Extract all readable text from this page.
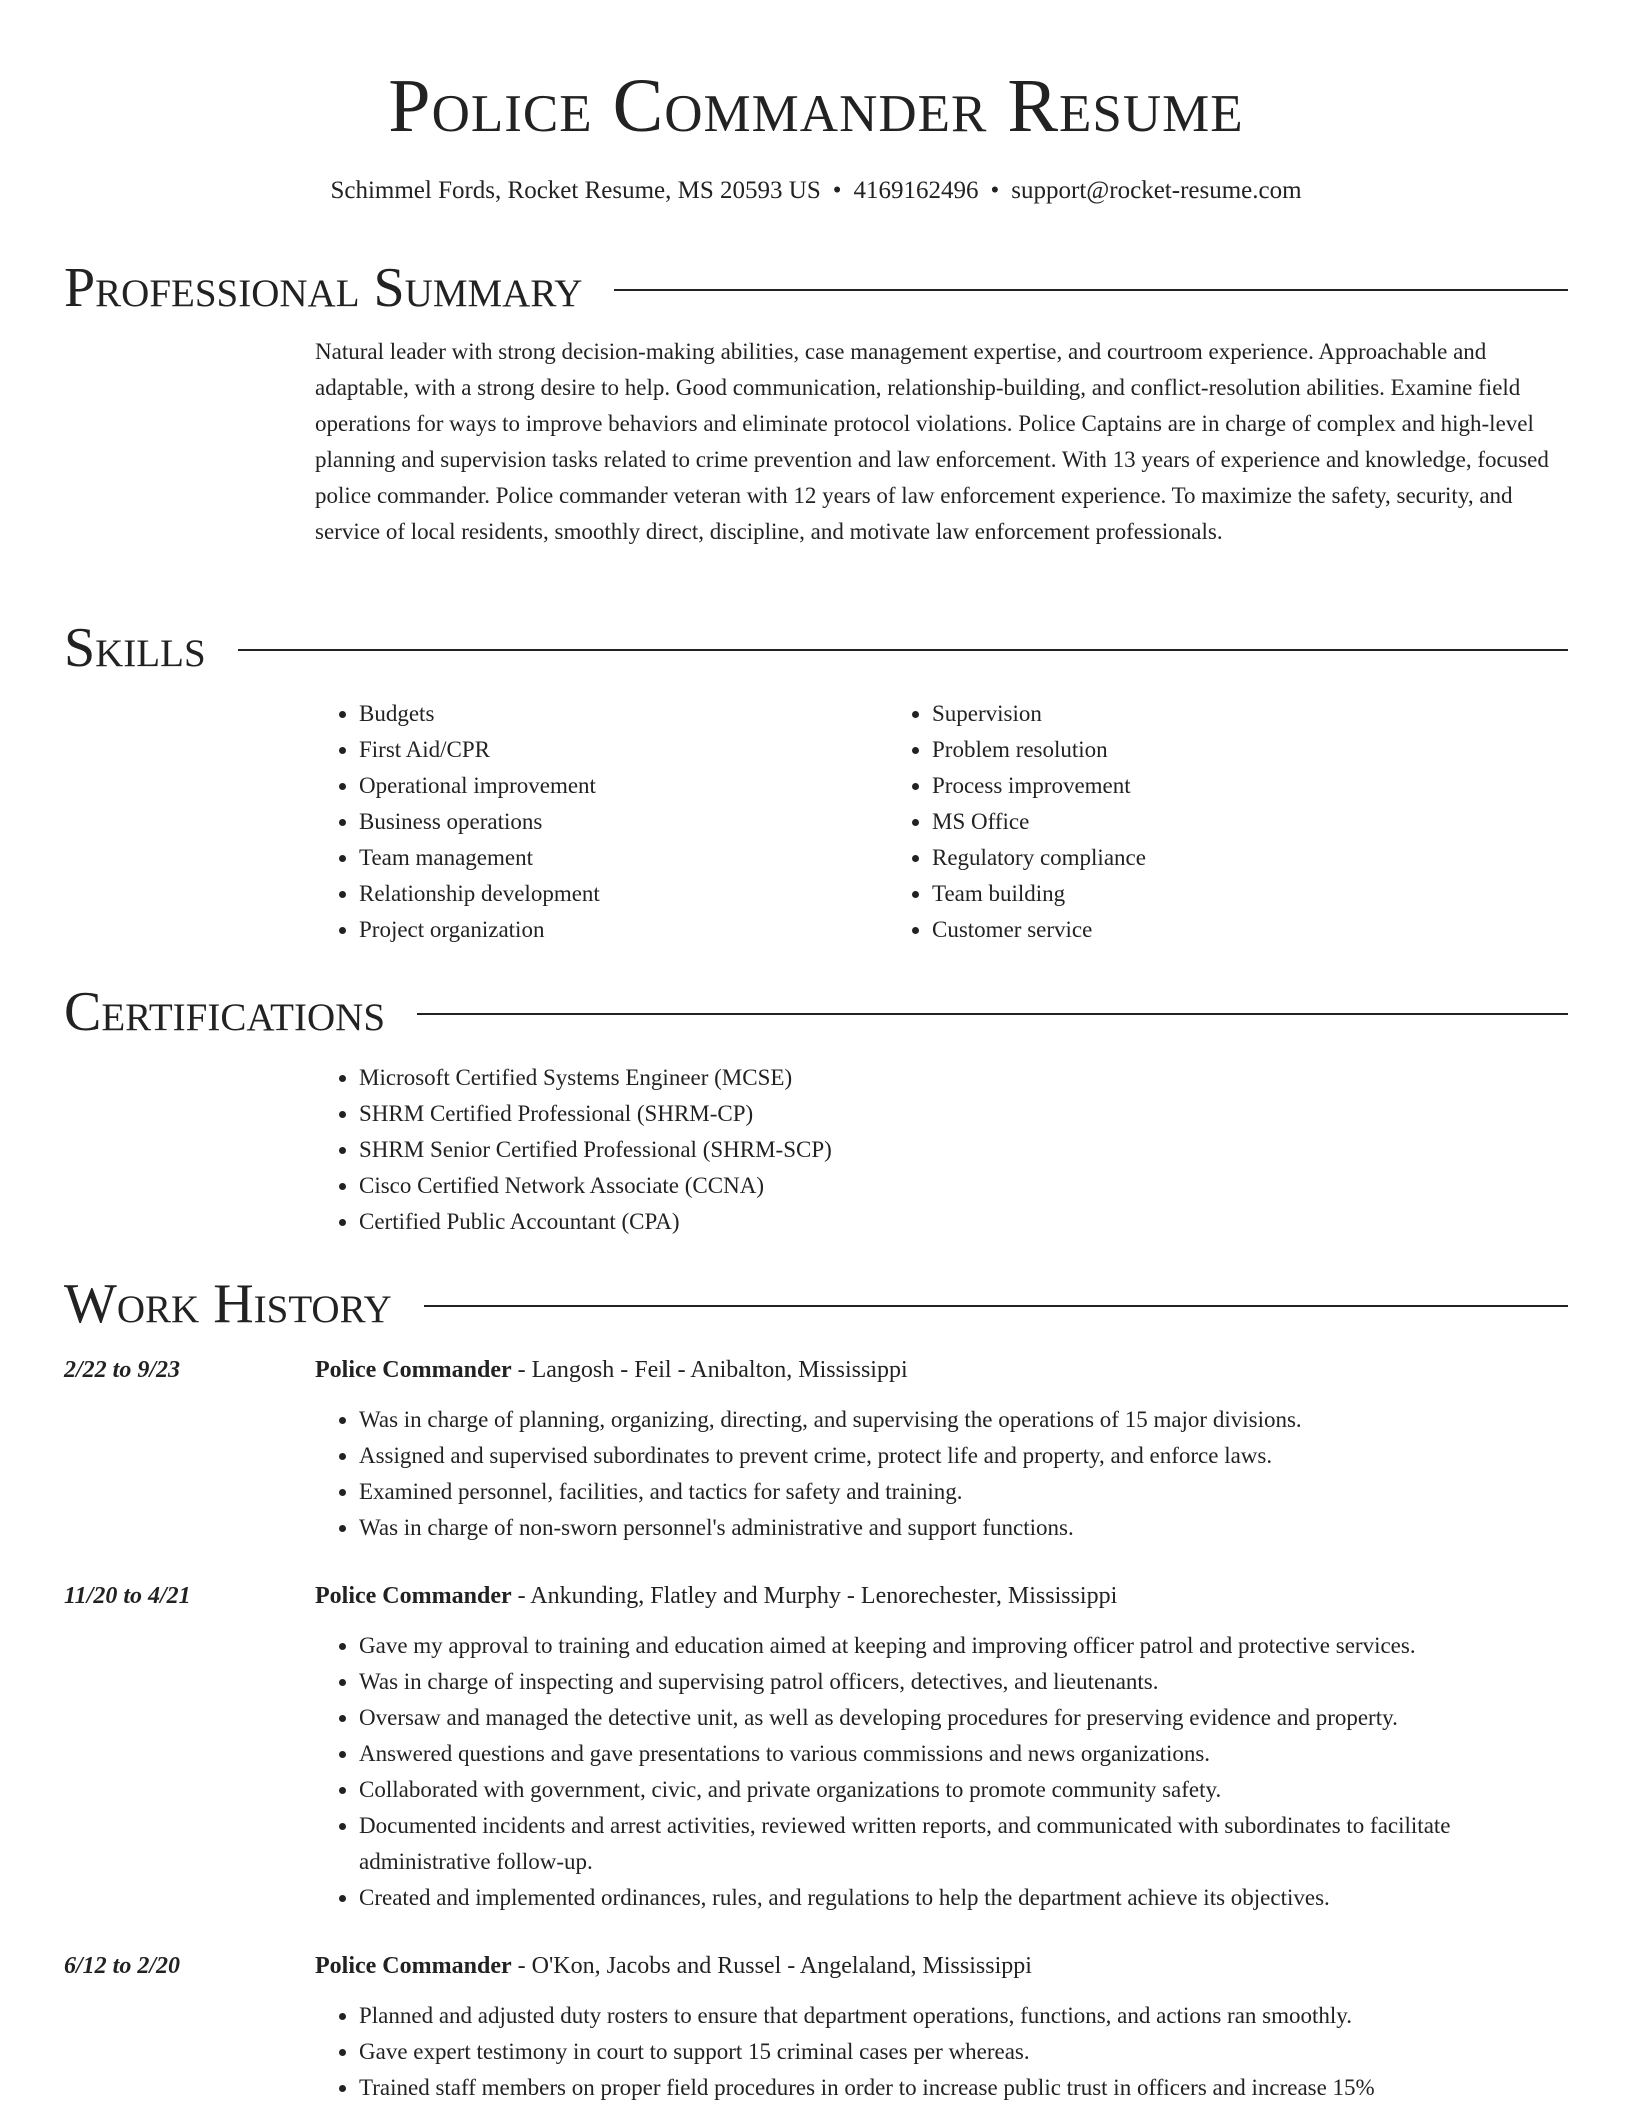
Police Commander Resume
Schimmel Fords, Rocket Resume, MS 20593 US • 4169162496 • support@rocket-resume.com
Professional Summary

Natural leader with strong decision-making abilities, case management expertise, and courtroom experience. Approachable and adaptable, with a strong desire to help. Good communication, relationship-building, and conflict-resolution abilities. Examine field operations for ways to improve behaviors and eliminate protocol violations. Police Captains are in charge of complex and high-level planning and supervision tasks related to crime prevention and law enforcement. With 13 years of experience and knowledge, focused police commander. Police commander veteran with 12 years of law enforcement experience. To maximize the safety, security, and service of local residents, smoothly direct, discipline, and motivate law enforcement professionals.

Skills
• Budgets
• First Aid/CPR
• Operational improvement
• Business operations
• Team management
• Relationship development
• Project organization
• Supervision
• Problem resolution
• Process improvement
• MS Office
• Regulatory compliance
• Team building
• Customer service
Certifications
• Microsoft Certified Systems Engineer (MCSE)
• SHRM Certified Professional (SHRM-CP)
• SHRM Senior Certified Professional (SHRM-SCP)
• Cisco Certified Network Associate (CCNA)
• Certified Public Accountant (CPA)
Work History
2/22 to 9/23	Police Commander - Langosh - Feil - Anibalton, Mississippi
• Was in charge of planning, organizing, directing, and supervising the operations of 15 major divisions.
• Assigned and supervised subordinates to prevent crime, protect life and property, and enforce laws.
• Examined personnel, facilities, and tactics for safety and training.
• Was in charge of non-sworn personnel's administrative and support functions.
11/20 to 4/21	Police Commander - Ankunding, Flatley and Murphy - Lenorechester, Mississippi
• Gave my approval to training and education aimed at keeping and improving officer patrol and protective services.
• Was in charge of inspecting and supervising patrol officers, detectives, and lieutenants.
• Oversaw and managed the detective unit, as well as developing procedures for preserving evidence and property.
• Answered questions and gave presentations to various commissions and news organizations.
• Collaborated with government, civic, and private organizations to promote community safety.
• Documented incidents and arrest activities, reviewed written reports, and communicated with subordinates to facilitate administrative follow-up.
• Created and implemented ordinances, rules, and regulations to help the department achieve its objectives.
6/12 to 2/20	Police Commander - O'Kon, Jacobs and Russel - Angelaland, Mississippi
• Planned and adjusted duty rosters to ensure that department operations, functions, and actions ran smoothly.
• Gave expert testimony in court to support 15 criminal cases per whereas.
• Trained staff members on proper field procedures in order to increase public trust in officers and increase 15%
